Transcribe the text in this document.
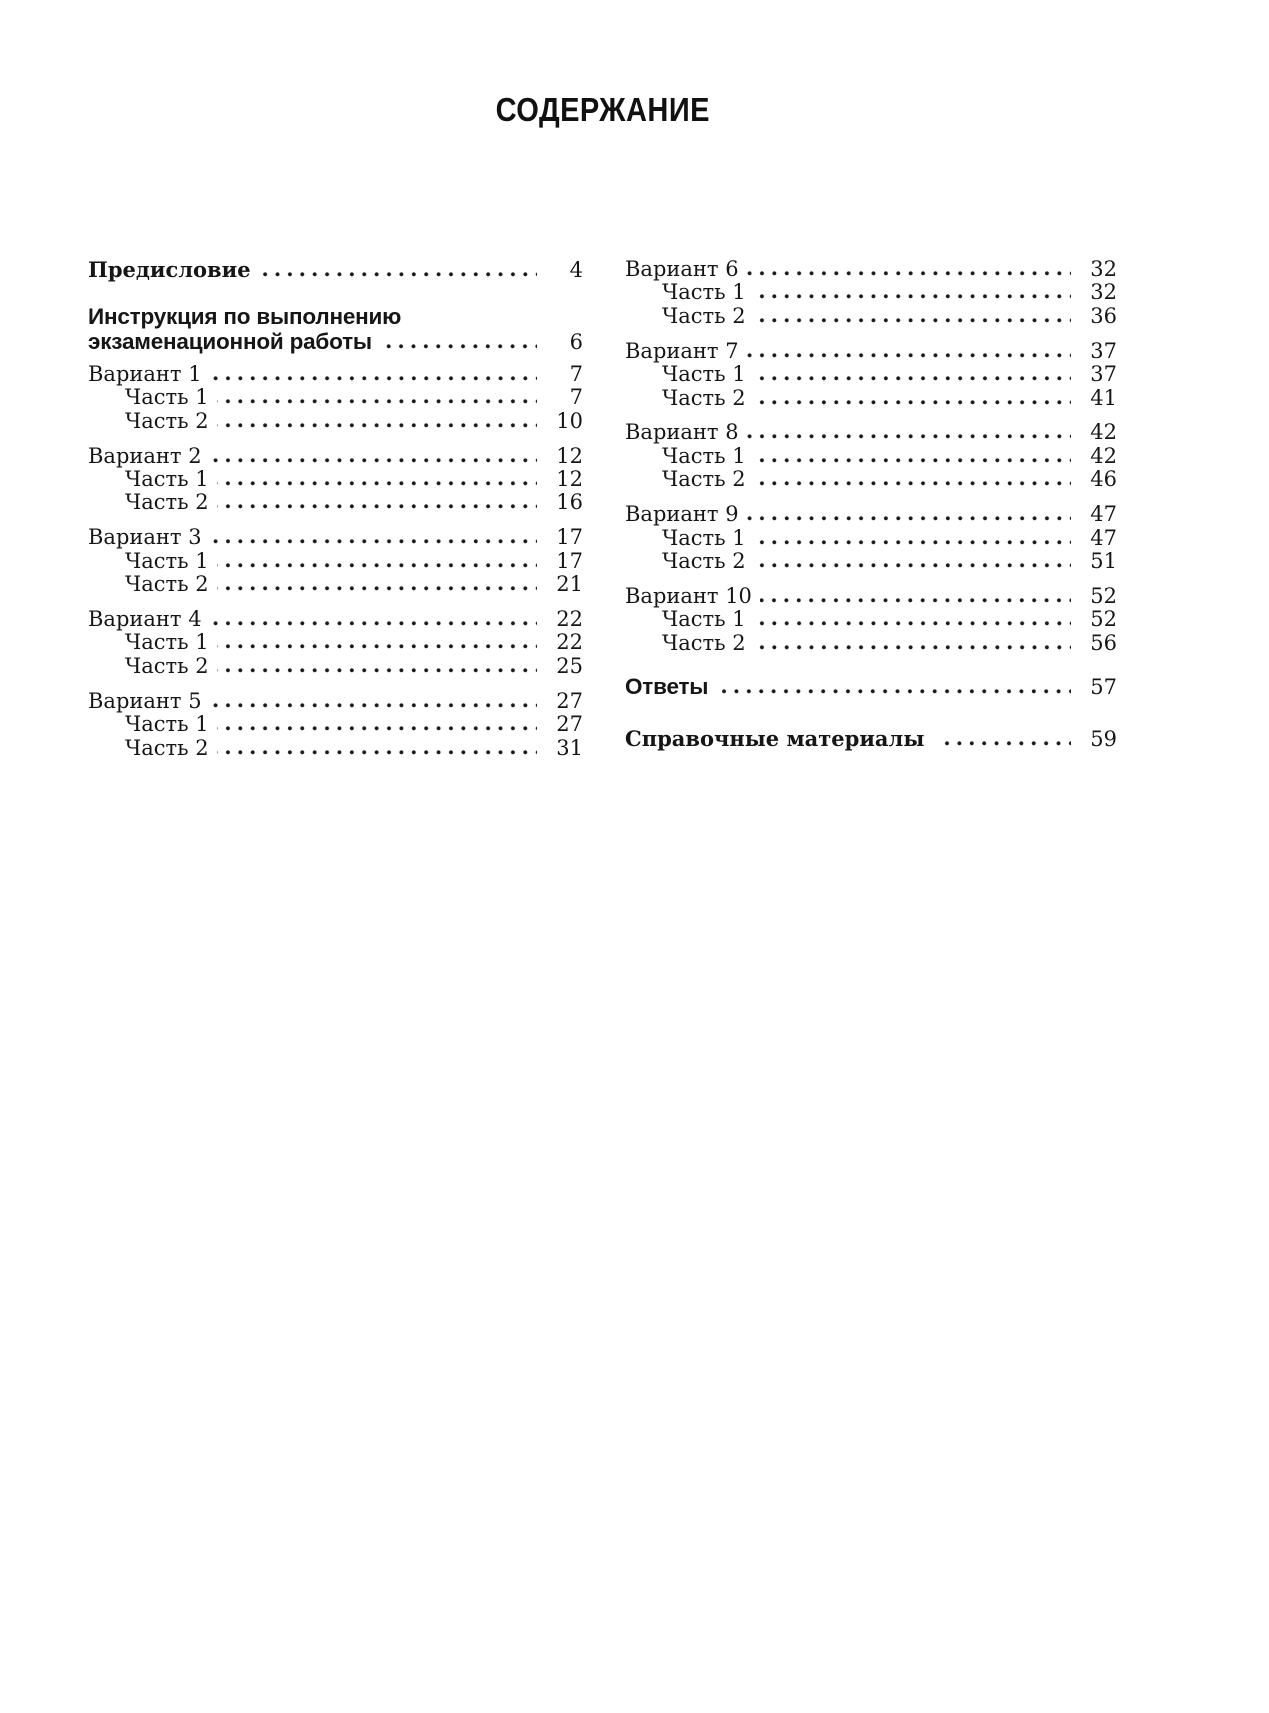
СОДЕРЖАНИЕ
Предисловие	4
Инструкция по выполнению
экзаменационной работы	6
Вариант 1	7
Часть 1	7
Часть 2	10
Вариант 2	12
Часть 1	12
Часть 2	16
Вариант 3	17
Часть 1	17
Часть 2	21
Вариант 4	22
Часть 1	22
Часть 2	25
Вариант 5	27
Часть 1	27
Часть 2	31
Вариант 6	32
Часть 1	32
Часть 2	36
Вариант 7	37
Часть 1	37
Часть 2	41
Вариант 8	42
Часть 1	42
Часть 2	46
Вариант 9	47
Часть 1	47
Часть 2	51
Вариант 10	52
Часть 1	52
Часть 2	56
Ответы	57
Справочные материалы	59
